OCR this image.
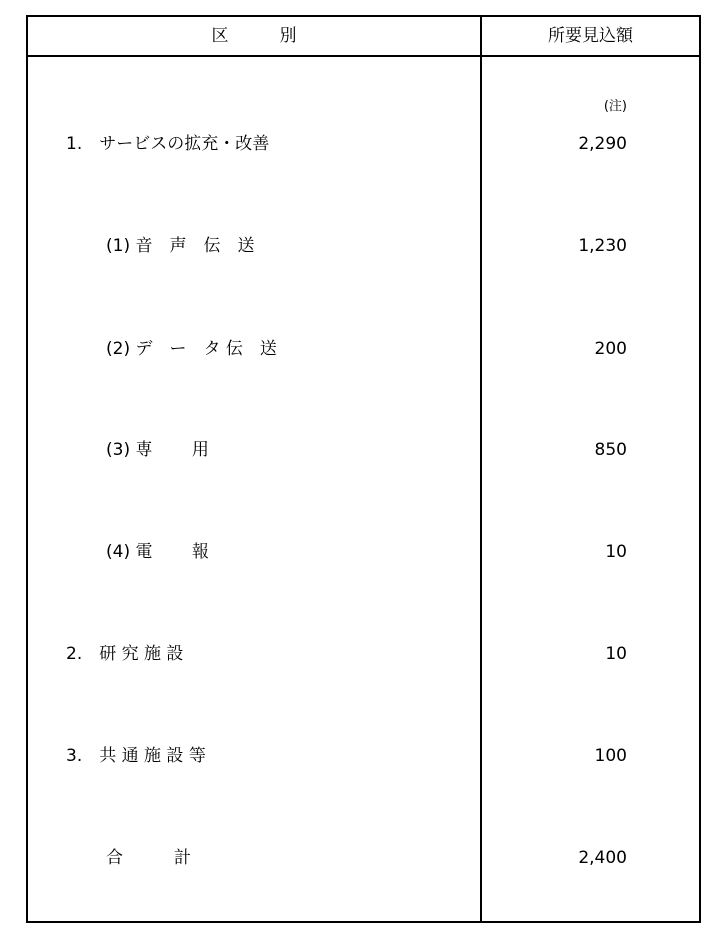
区　　　別	所要見込額
(注)
1.　サービスの拡充・改善	2,290
(1) 音　声　伝　送	1,230
(2) デ　ー　タ 伝　送	200
(3) 専　　 用	850
(4) 電　　 報	10
2.　研 究 施 設	10
3.　共 通 施 設 等	100
合　　　計	2,400
